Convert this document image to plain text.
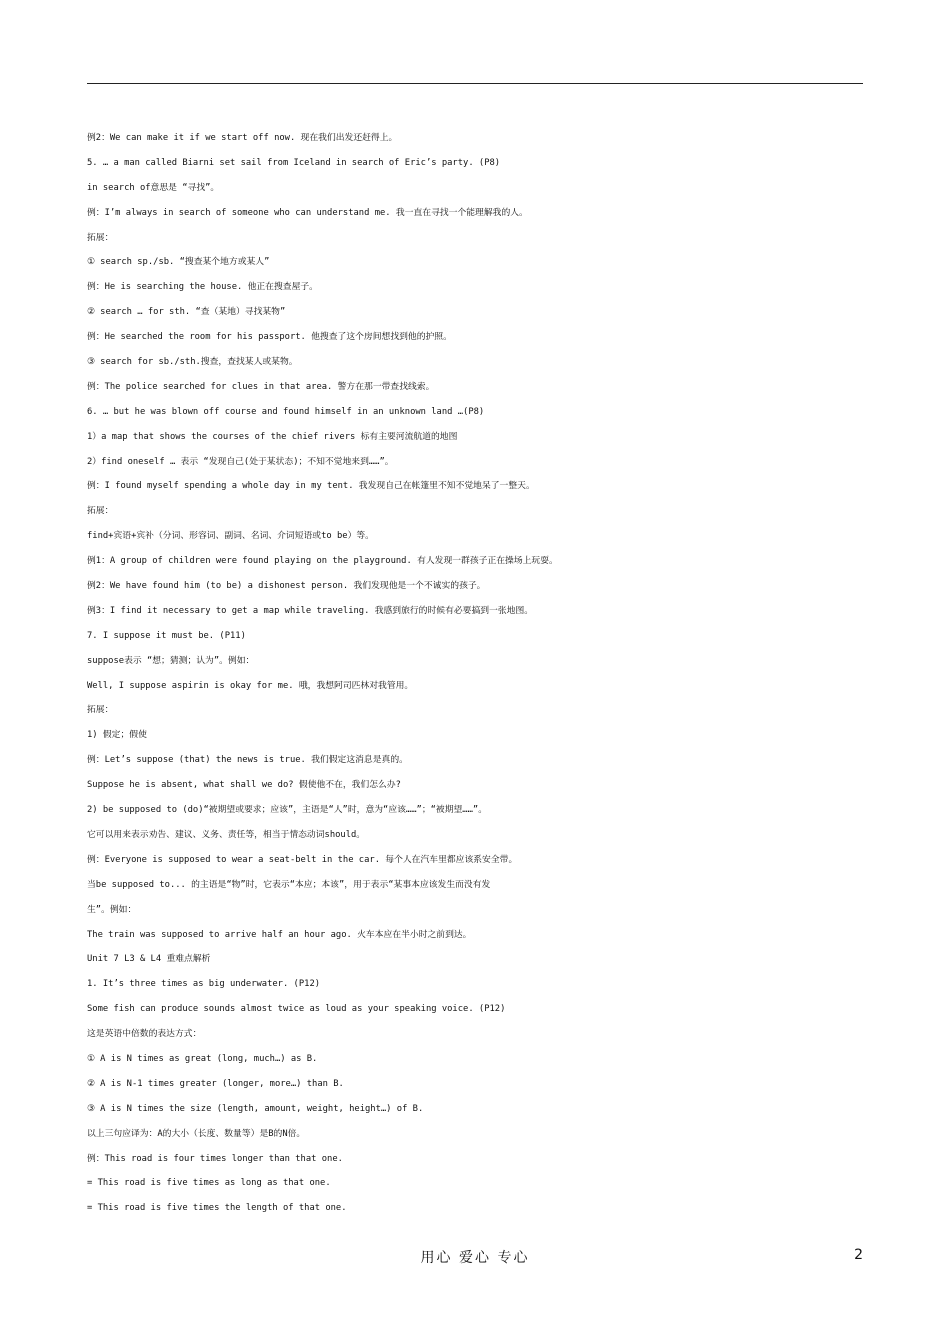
例2：We can make it if we start off now. 现在我们出发还赶得上。
5. … a man called Biarni set sail from Iceland in search of Eric’s party. (P8)
in search of意思是 “寻找”。
例：I’m always in search of someone who can understand me. 我一直在寻找一个能理解我的人。
拓展：
① search sp./sb. “搜查某个地方或某人”
例：He is searching the house. 他正在搜查屋子。
② search … for sth. “查（某地）寻找某物”
例：He searched the room for his passport. 他搜查了这个房间想找到他的护照。
③ search for sb./sth.搜查，查找某人或某物。
例：The police searched for clues in that area. 警方在那一带查找线索。
6. … but he was blown off course and found himself in an unknown land …(P8)
1）a map that shows the courses of the chief rivers 标有主要河流航道的地图
2）find oneself … 表示 “发现自己(处于某状态)；不知不觉地来到……”。
例：I found myself spending a whole day in my tent. 我发现自己在帐篷里不知不觉地呆了一整天。
拓展：
find+宾语+宾补（分词、形容词、副词、名词、介词短语或to be）等。
例1：A group of children were found playing on the playground. 有人发现一群孩子正在操场上玩耍。
例2：We have found him (to be) a dishonest person. 我们发现他是一个不诚实的孩子。
例3：I find it necessary to get a map while traveling. 我感到旅行的时候有必要搞到一张地图。
7. I suppose it must be. (P11)
suppose表示 “想；猜测；认为”。例如：
Well, I suppose aspirin is okay for me. 哦，我想阿司匹林对我管用。
拓展：
1) 假定；假使
例：Let’s suppose (that) the news is true. 我们假定这消息是真的。
Suppose he is absent, what shall we do? 假使他不在，我们怎么办?
2) be supposed to (do)“被期望或要求；应该”，主语是“人”时，意为“应该……”；“被期望……”。
它可以用来表示劝告、建议、义务、责任等，相当于情态动词should。
例：Everyone is supposed to wear a seat-belt in the car. 每个人在汽车里都应该系安全带。
当be supposed to... 的主语是“物”时，它表示“本应；本该”，用于表示“某事本应该发生而没有发
生”。例如：
The train was supposed to arrive half an hour ago. 火车本应在半小时之前到达。
Unit 7 L3 & L4 重难点解析
1. It’s three times as big underwater. (P12)
Some fish can produce sounds almost twice as loud as your speaking voice. (P12)
这是英语中倍数的表达方式：
① A is N times as great (long, much…) as B.
② A is N-1 times greater (longer, more…) than B.
③ A is N times the size (length, amount, weight, height…) of B.
以上三句应译为：A的大小（长度、数量等）是B的N倍。
例：This road is four times longer than that one.
= This road is five times as long as that one.
= This road is five times the length of that one.
用心 爱心 专心	2
